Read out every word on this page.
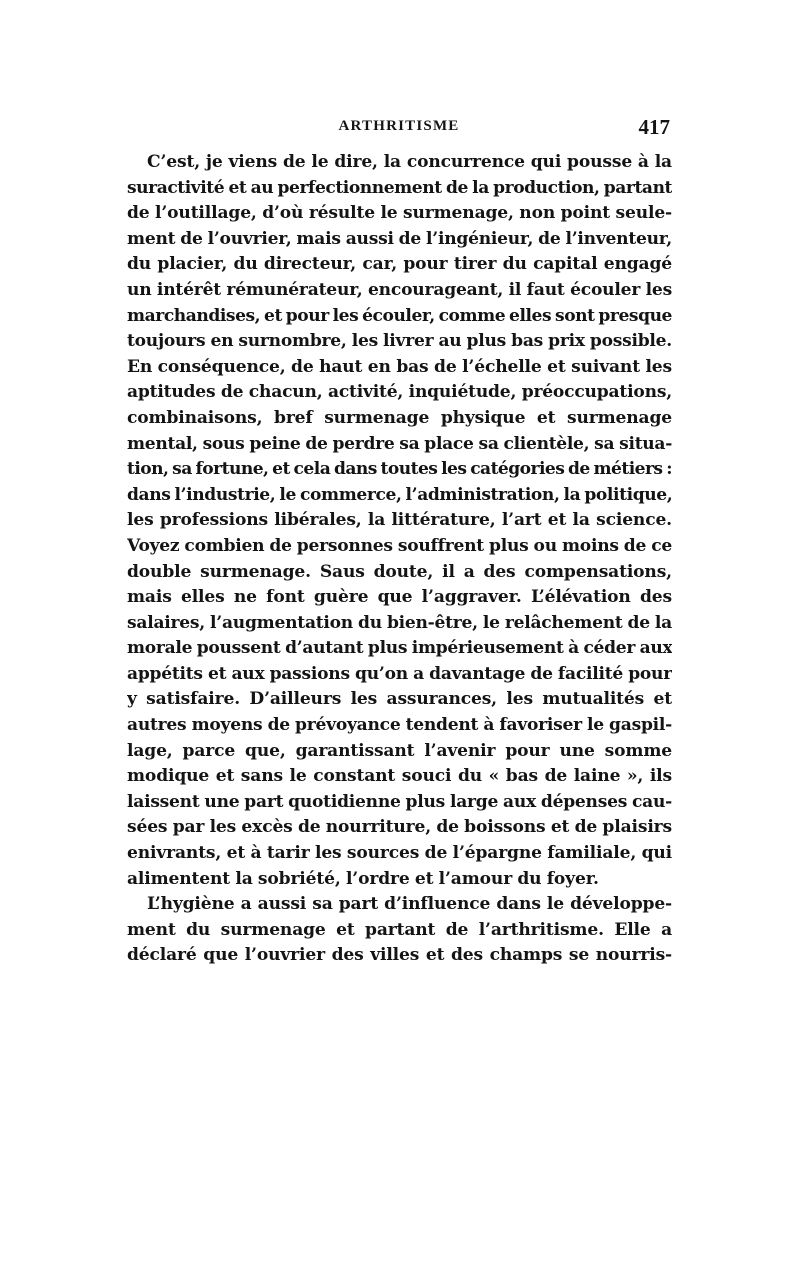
ARTHRITISME	417
C’est, je viens de le dire, la concurrence qui pousse à la
suractivité et au perfectionnement de la production, partant
de l’outillage, d’où résulte le surmenage, non point seule-
ment de l’ouvrier, mais aussi de l’ingénieur, de l’inventeur,
du placier, du directeur, car, pour tirer du capital engagé
un intérêt rémunérateur, encourageant, il faut écouler les
marchandises, et pour les écouler, comme elles sont presque
toujours en surnombre, les livrer au plus bas prix possible.
En conséquence, de haut en bas de l’échelle et suivant les
aptitudes de chacun, activité, inquiétude, préoccupations,
combinaisons, bref surmenage physique et surmenage
mental, sous peine de perdre sa place sa clientèle, sa situa-
tion, sa fortune, et cela dans toutes les catégories de métiers :
dans l’industrie, le commerce, l’administration, la politique,
les professions libérales, la littérature, l’art et la science.
Voyez combien de personnes souffrent plus ou moins de ce
double surmenage. Saus doute, il a des compensations,
mais elles ne font guère que l’aggraver. L’élévation des
salaires, l’augmentation du bien-être, le relâchement de la
morale poussent d’autant plus impérieusement à céder aux
appétits et aux passions qu’on a davantage de facilité pour
y satisfaire. D’ailleurs les assurances, les mutualités et
autres moyens de prévoyance tendent à favoriser le gaspil-
lage, parce que, garantissant l’avenir pour une somme
modique et sans le constant souci du « bas de laine », ils
laissent une part quotidienne plus large aux dépenses cau-
sées par les excès de nourriture, de boissons et de plaisirs
enivrants, et à tarir les sources de l’épargne familiale, qui
alimentent la sobriété, l’ordre et l’amour du foyer.
L’hygiène a aussi sa part d’influence dans le développe-
ment du surmenage et partant de l’arthritisme. Elle a
déclaré que l’ouvrier des villes et des champs se nourris-
